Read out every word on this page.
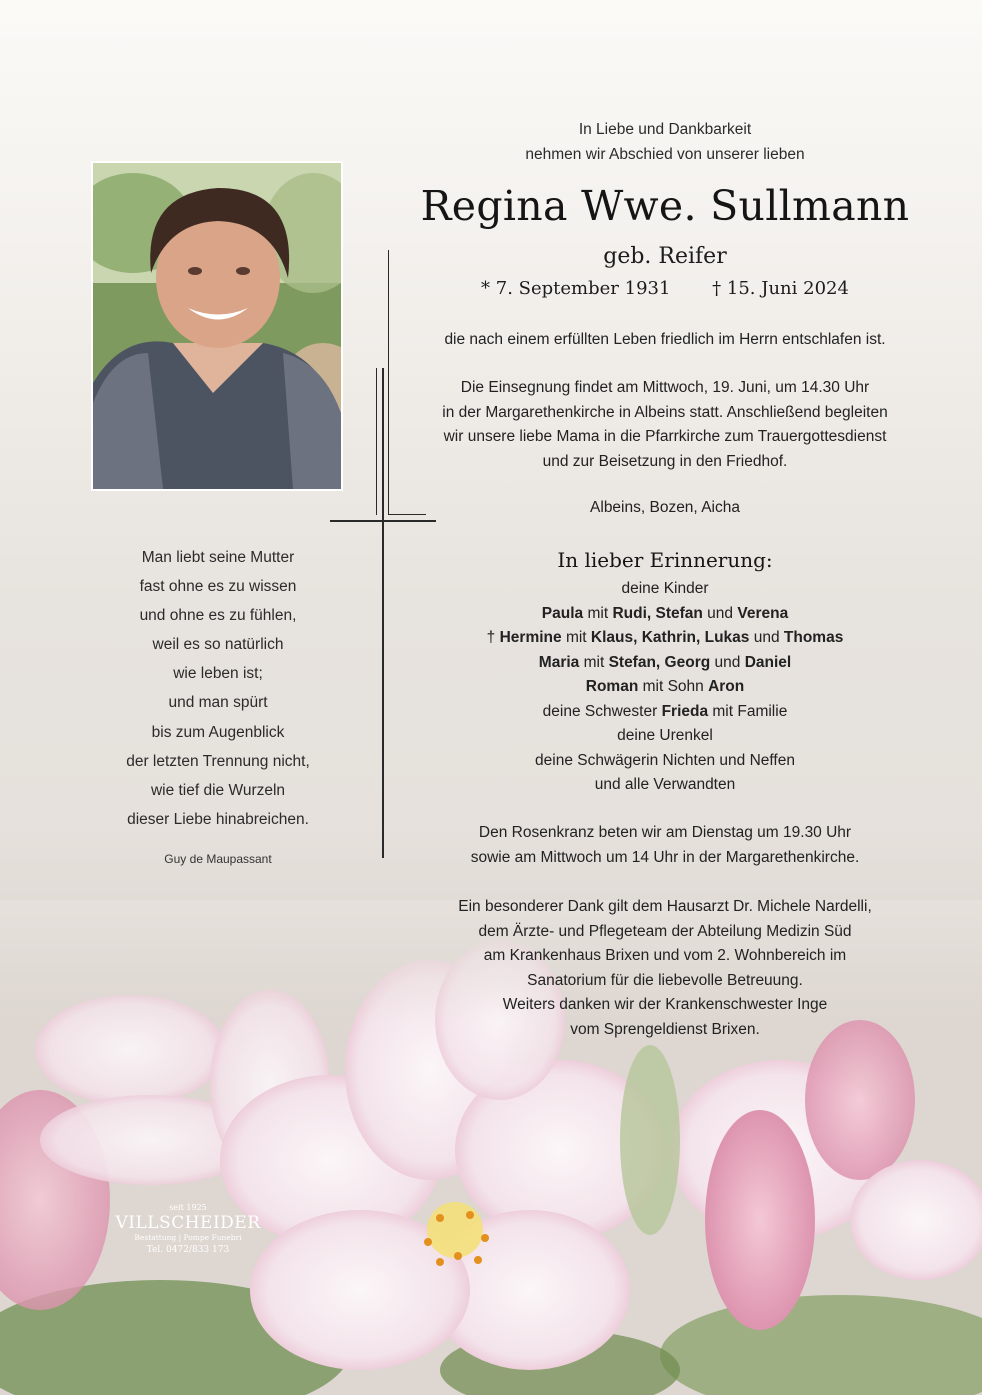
In Liebe und Dankbarkeit
nehmen wir Abschied von unserer lieben
Regina Wwe. Sullmann
geb. Reifer
* 7. September 1931 † 15. Juni 2024
die nach einem erfüllten Leben friedlich im Herrn entschlafen ist.
Die Einsegnung findet am Mittwoch, 19. Juni, um 14.30 Uhr
in der Margarethenkirche in Albeins statt. Anschließend begleiten
wir unsere liebe Mama in die Pfarrkirche zum Trauergottesdienst
und zur Beisetzung in den Friedhof.
Albeins, Bozen, Aicha
In lieber Erinnerung:
deine Kinder
Paula mit Rudi, Stefan und Verena
† Hermine mit Klaus, Kathrin, Lukas und Thomas
Maria mit Stefan, Georg und Daniel
Roman mit Sohn Aron
deine Schwester Frieda mit Familie
deine Urenkel
deine Schwägerin Nichten und Neffen
und alle Verwandten
Den Rosenkranz beten wir am Dienstag um 19.30 Uhr
sowie am Mittwoch um 14 Uhr in der Margarethenkirche.
Ein besonderer Dank gilt dem Hausarzt Dr. Michele Nardelli,
dem Ärzte- und Pflegeteam der Abteilung Medizin Süd
am Krankenhaus Brixen und vom 2. Wohnbereich im
Sanatorium für die liebevolle Betreuung.
Weiters danken wir der Krankenschwester Inge
vom Sprengeldienst Brixen.
Man liebt seine Mutter
fast ohne es zu wissen
und ohne es zu fühlen,
weil es so natürlich
wie leben ist;
und man spürt
bis zum Augenblick
der letzten Trennung nicht,
wie tief die Wurzeln
dieser Liebe hinabreichen.
Guy de Maupassant
seit 1925
VILLSCHEIDER
Bestattung | Pompe Funebri
Tel. 0472/833 173
